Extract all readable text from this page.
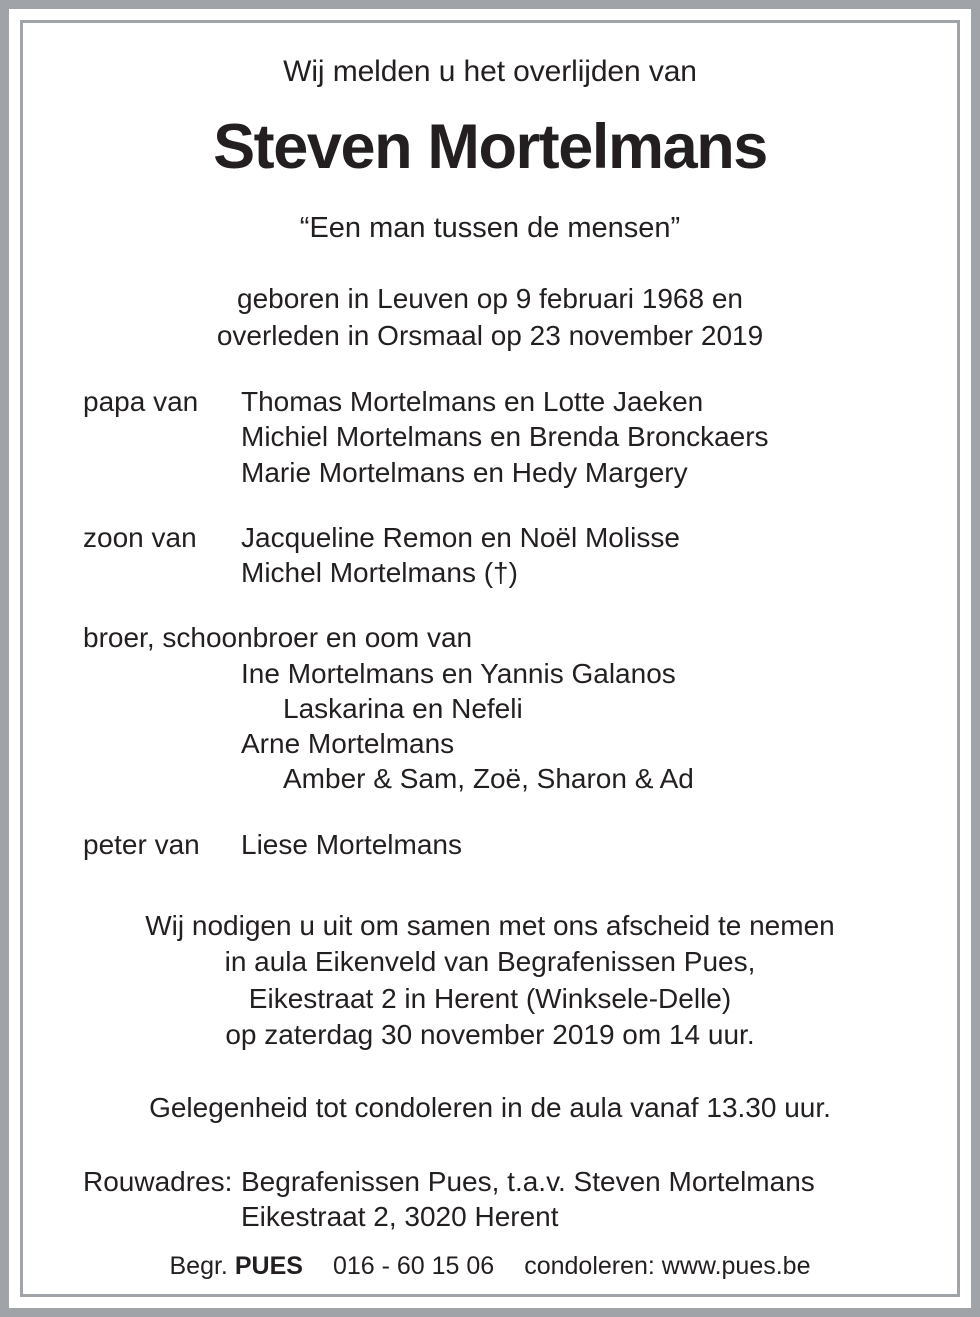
Wij melden u het overlijden van
Steven Mortelmans
“Een man tussen de mensen”
geboren in Leuven op 9 februari 1968 en
overleden in Orsmaal op 23 november 2019
papa van	Thomas Mortelmans en Lotte Jaeken
Michiel Mortelmans en Brenda Bronckaers
Marie Mortelmans en Hedy Margery
zoon van	Jacqueline Remon en Noël Molisse
Michel Mortelmans (†)
broer, schoonbroer en oom van
Ine Mortelmans en Yannis Galanos
Laskarina en Nefeli
Arne Mortelmans
Amber & Sam, Zoë, Sharon & Ad
peter van	Liese Mortelmans
Wij nodigen u uit om samen met ons afscheid te nemen
in aula Eikenveld van Begrafenissen Pues,
Eikestraat 2 in Herent (Winksele-Delle)
op zaterdag 30 november 2019 om 14 uur.
Gelegenheid tot condoleren in de aula vanaf 13.30 uur.
Rouwadres: Begrafenissen Pues, t.a.v. Steven Mortelmans
Eikestraat 2, 3020 Herent
Begr. PUES 016 - 60 15 06 condoleren: www.pues.be
